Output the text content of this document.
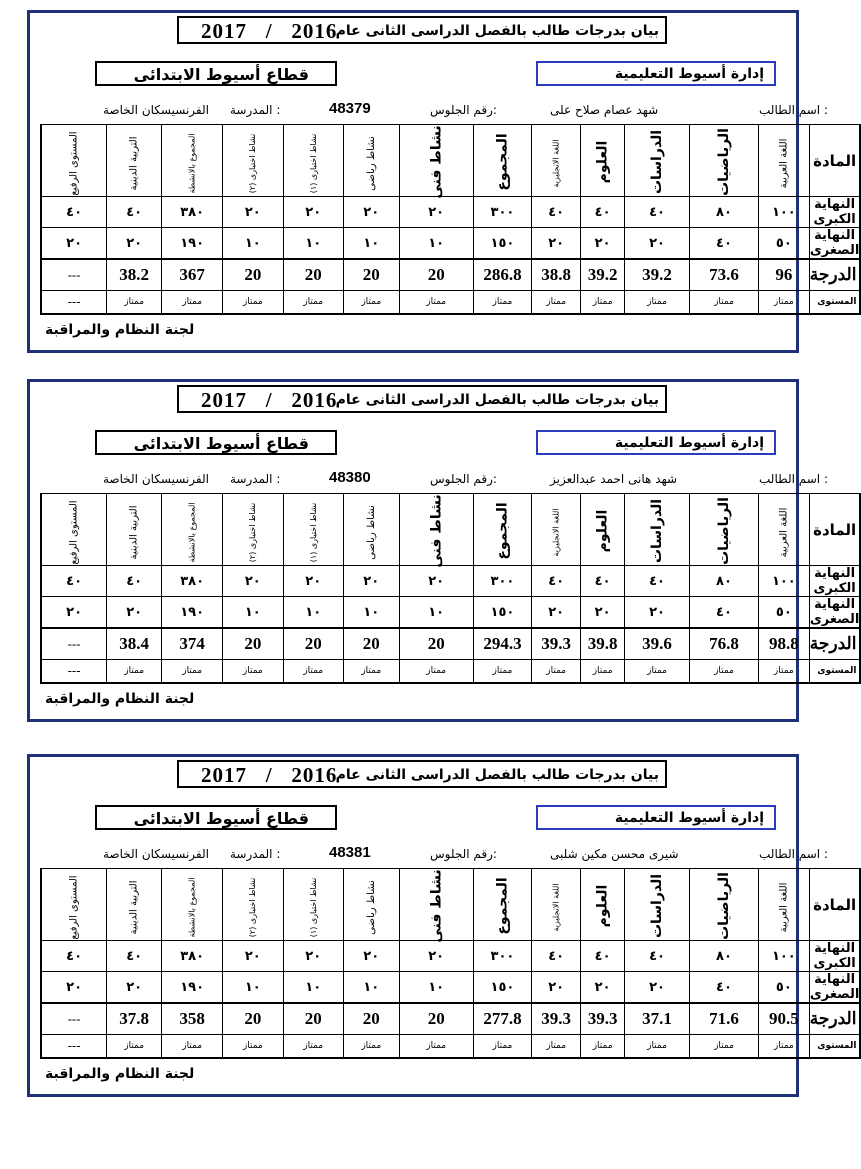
بيان بدرجات طالب بالفصل الدراسى الثانى عام
2017   /   2016
إدارة أسيوط التعليمية
قطاع أسيوط الابتدائى
اسم الطالب :
شهد عصام صلاح على
رقم الجلوس:
المدرسة :
الفرنسيسكان الخاصة	48379
المستوى الرفيع	التربية الدينية	المجموع بالانشطة	نشاط اختيارى (٢)	نشاط اختيارى (١)	نشاط رياضى	نشاط فنى	المجموع	اللغة الانجليزية	العلوم	الدراسات	الرياضيات	اللغة العربية	المادة
٤٠	٤٠	٣٨٠	٢٠	٢٠	٢٠	٢٠	٣٠٠	٤٠	٤٠	٤٠	٨٠	١٠٠	النهاية الكبرى
٢٠	٢٠	١٩٠	١٠	١٠	١٠	١٠	١٥٠	٢٠	٢٠	٢٠	٤٠	٥٠	النهاية الصغرى
---	38.2	367	20	20	20	20	286.8	38.8	39.2	39.2	73.6	96	الدرجة
---	ممتاز	ممتاز	ممتاز	ممتاز	ممتاز	ممتاز	ممتاز	ممتاز	ممتاز	ممتاز	ممتاز	ممتاز	المستوى
لجنة النظام والمراقبة
بيان بدرجات طالب بالفصل الدراسى الثانى عام
2017   /   2016
إدارة أسيوط التعليمية
قطاع أسيوط الابتدائى
اسم الطالب :
شهد هانى احمد عبدالعزيز
رقم الجلوس:
المدرسة :
الفرنسيسكان الخاصة	48380
المستوى الرفيع	التربية الدينية	المجموع بالانشطة	نشاط اختيارى (٢)	نشاط اختيارى (١)	نشاط رياضى	نشاط فنى	المجموع	اللغة الانجليزية	العلوم	الدراسات	الرياضيات	اللغة العربية	المادة
٤٠	٤٠	٣٨٠	٢٠	٢٠	٢٠	٢٠	٣٠٠	٤٠	٤٠	٤٠	٨٠	١٠٠	النهاية الكبرى
٢٠	٢٠	١٩٠	١٠	١٠	١٠	١٠	١٥٠	٢٠	٢٠	٢٠	٤٠	٥٠	النهاية الصغرى
---	38.4	374	20	20	20	20	294.3	39.3	39.8	39.6	76.8	98.8	الدرجة
---	ممتاز	ممتاز	ممتاز	ممتاز	ممتاز	ممتاز	ممتاز	ممتاز	ممتاز	ممتاز	ممتاز	ممتاز	المستوى
لجنة النظام والمراقبة
بيان بدرجات طالب بالفصل الدراسى الثانى عام
2017   /   2016
إدارة أسيوط التعليمية
قطاع أسيوط الابتدائى
اسم الطالب :
شيرى محسن مكين شلبى
رقم الجلوس:
المدرسة :
الفرنسيسكان الخاصة	48381
المستوى الرفيع	التربية الدينية	المجموع بالانشطة	نشاط اختيارى (٢)	نشاط اختيارى (١)	نشاط رياضى	نشاط فنى	المجموع	اللغة الانجليزية	العلوم	الدراسات	الرياضيات	اللغة العربية	المادة
٤٠	٤٠	٣٨٠	٢٠	٢٠	٢٠	٢٠	٣٠٠	٤٠	٤٠	٤٠	٨٠	١٠٠	النهاية الكبرى
٢٠	٢٠	١٩٠	١٠	١٠	١٠	١٠	١٥٠	٢٠	٢٠	٢٠	٤٠	٥٠	النهاية الصغرى
---	37.8	358	20	20	20	20	277.8	39.3	39.3	37.1	71.6	90.5	الدرجة
---	ممتاز	ممتاز	ممتاز	ممتاز	ممتاز	ممتاز	ممتاز	ممتاز	ممتاز	ممتاز	ممتاز	ممتاز	المستوى
لجنة النظام والمراقبة
